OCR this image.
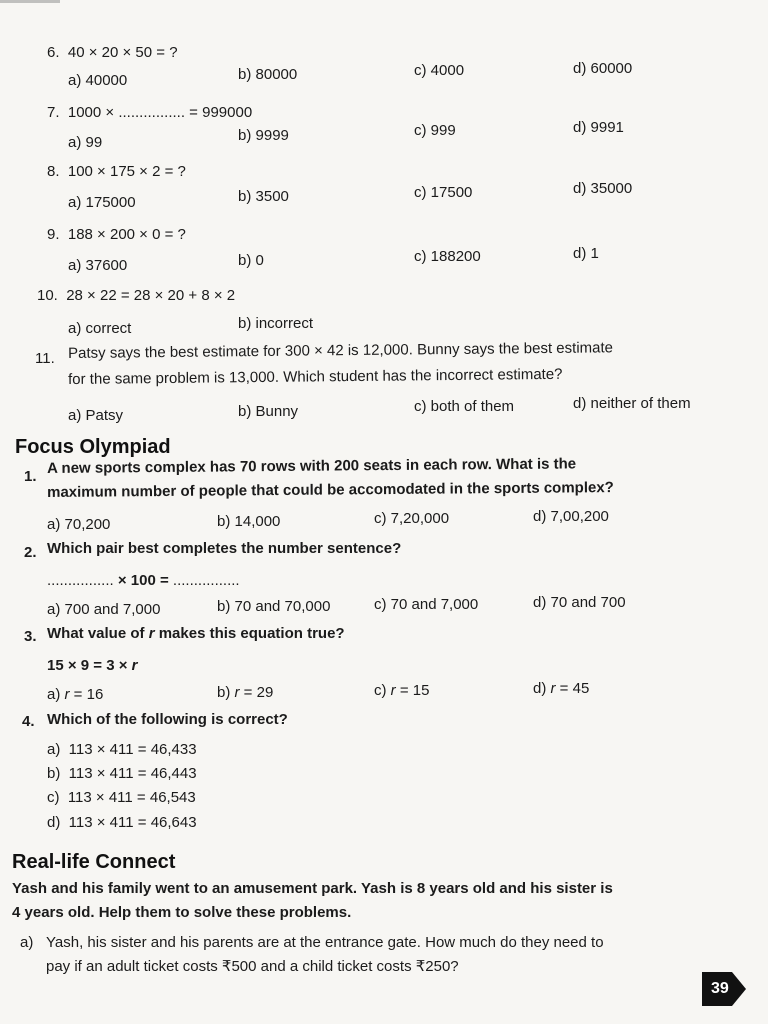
6. 40 × 20 × 50 = ?
a) 40000	b) 80000	c) 4000	d) 60000
7. 1000 × ................ = 999000
a) 99	b) 9999	c) 999	d) 9991
8. 100 × 175 × 2 = ?
a) 175000	b) 3500	c) 17500	d) 35000
9. 188 × 200 × 0 = ?
a) 37600	b) 0	c) 188200	d) 1
10. 28 × 22 = 28 × 20 + 8 × 2
a) correct	b) incorrect
11. Patsy says the best estimate for 300 × 42 is 12,000. Bunny says the best estimate
for the same problem is 13,000. Which student has the incorrect estimate?
a) Patsy	b) Bunny	c) both of them	d) neither of them
Focus Olympiad
1. A new sports complex has 70 rows with 200 seats in each row. What is the
maximum number of people that could be accomodated in the sports complex?
a) 70,200	b) 14,000	c) 7,20,000	d) 7,00,200
2. Which pair best completes the number sentence?
................ × 100 = ................
a) 700 and 7,000	b) 70 and 70,000	c) 70 and 7,000	d) 70 and 700
3. What value of r makes this equation true?
15 × 9 = 3 × r
a) r = 16	b) r = 29	c) r = 15	d) r = 45
4. Which of the following is correct?
a)  113 × 411 = 46,433
b)  113 × 411 = 46,443
c)  113 × 411 = 46,543
d)  113 × 411 = 46,643
Real-life Connect
Yash and his family went to an amusement park. Yash is 8 years old and his sister is
4 years old. Help them to solve these problems.
a) Yash, his sister and his parents are at the entrance gate. How much do they need to
pay if an adult ticket costs ₹500 and a child ticket costs ₹250?
39
